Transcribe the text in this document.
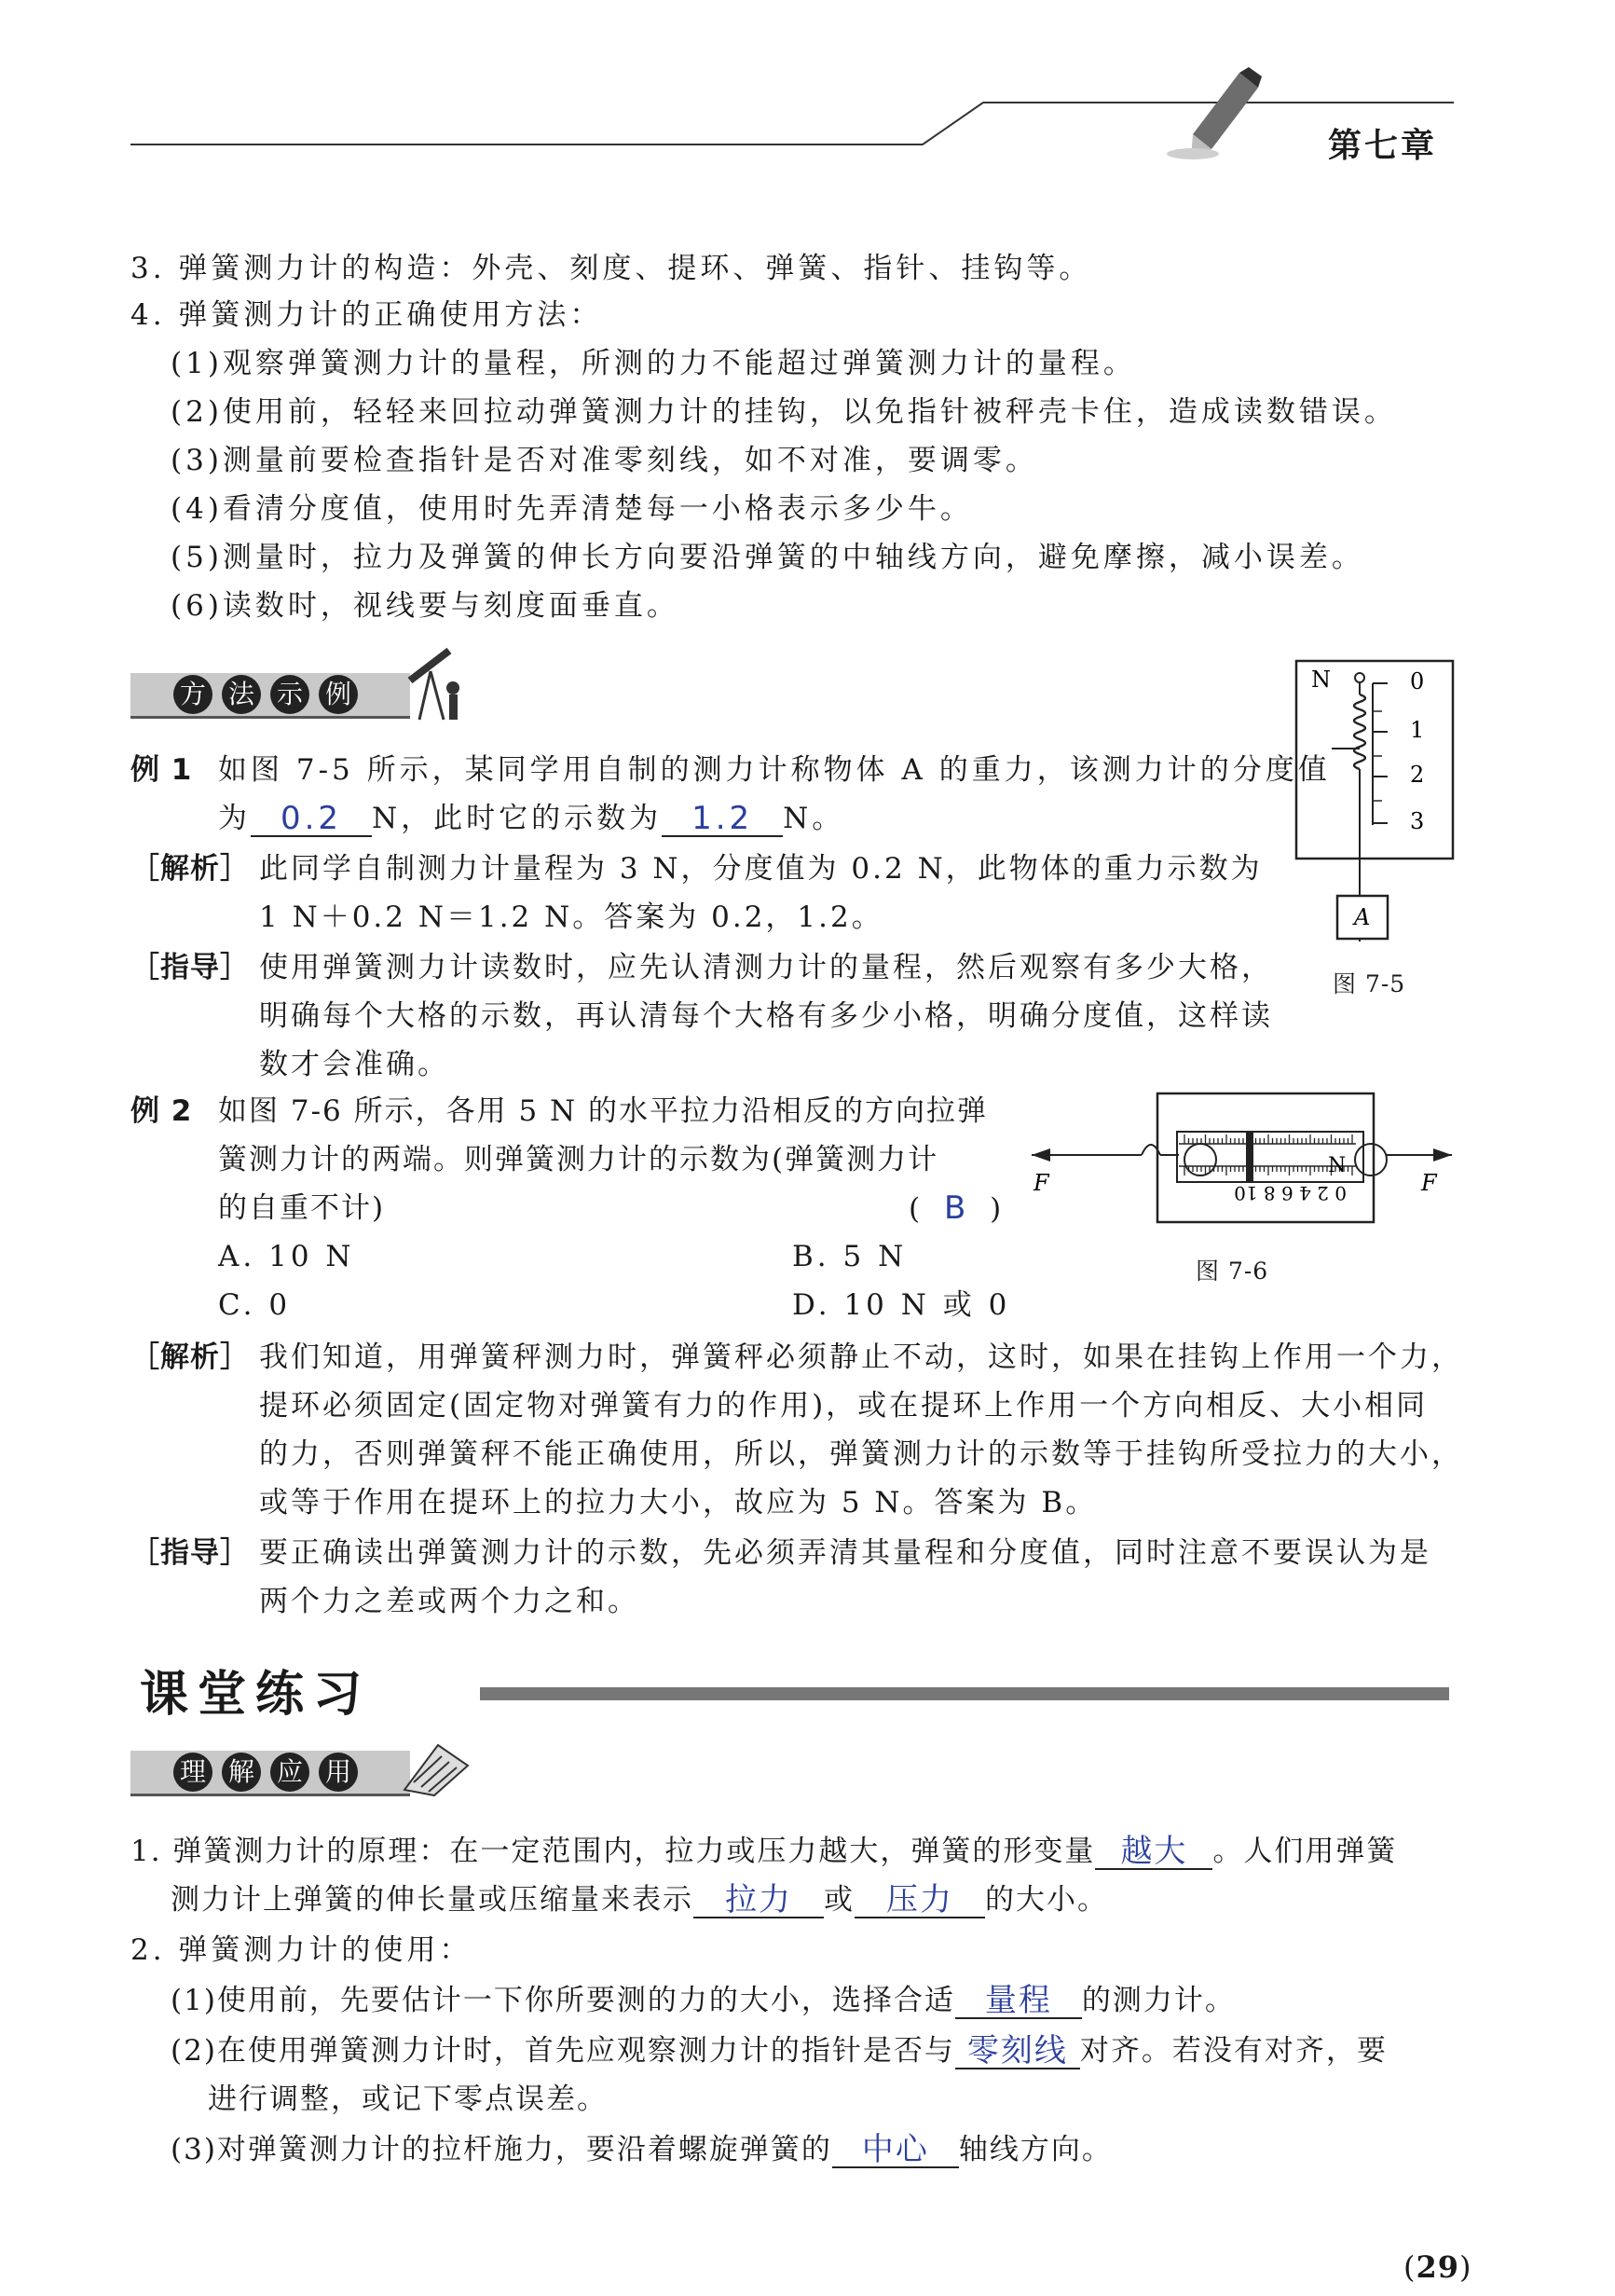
第七章
3. 弹簧测力计的构造：外壳、刻度、提环、弹簧、指针、挂钩等。
4. 弹簧测力计的正确使用方法：
(1)观察弹簧测力计的量程，所测的力不能超过弹簧测力计的量程。
(2)使用前，轻轻来回拉动弹簧测力计的挂钩，以免指针被秤壳卡住，造成读数错误。
(3)测量前要检查指针是否对准零刻线，如不对准，要调零。
(4)看清分度值，使用时先弄清楚每一小格表示多少牛。
(5)测量时，拉力及弹簧的伸长方向要沿弹簧的中轴线方向，避免摩擦，减小误差。
(6)读数时，视线要与刻度面垂直。
方 法 示 例
例 1 如图 7-5 所示，某同学用自制的测力计称物体 A 的重力，该测力计的分度值
为 0.2 N，此时它的示数为 1.2 N。
［解析］ 此同学自制测力计量程为 3 N，分度值为 0.2 N，此物体的重力示数为
1 N＋0.2 N＝1.2 N。答案为 0.2，1.2。
［指导］ 使用弹簧测力计读数时，应先认清测力计的量程，然后观察有多少大格，
明确每个大格的示数，再认清每个大格有多少小格，明确分度值，这样读
数才会准确。
N	0
1
2
3
A
图 7-5
例 2 如图 7-6 所示，各用 5 N 的水平拉力沿相反的方向拉弹
簧测力计的两端。则弹簧测力计的示数为(弹簧测力计
的自重不计)	( B )
A. 10 N	B. 5 N
C. 0	D. 10 N 或 0
N
0 2 4 6 8 10
F	F
图 7-6
［解析］ 我们知道，用弹簧秤测力时，弹簧秤必须静止不动，这时，如果在挂钩上作用一个力，
提环必须固定(固定物对弹簧有力的作用)，或在提环上作用一个方向相反、大小相同
的力，否则弹簧秤不能正确使用，所以，弹簧测力计的示数等于挂钩所受拉力的大小，
或等于作用在提环上的拉力大小，故应为 5 N。答案为 B。
［指导］ 要正确读出弹簧测力计的示数，先必须弄清其量程和分度值，同时注意不要误认为是
两个力之差或两个力之和。
课堂练习
理 解 应 用
1. 弹簧测力计的原理：在一定范围内，拉力或压力越大，弹簧的形变量 越大 。人们用弹簧
测力计上弹簧的伸长量或压缩量来表示 拉力 或 压力 的大小。
2. 弹簧测力计的使用：
(1)使用前，先要估计一下你所要测的力的大小，选择合适 量程 的测力计。
(2)在使用弹簧测力计时，首先应观察测力计的指针是否与 零刻线 对齐。若没有对齐，要
进行调整，或记下零点误差。
(3)对弹簧测力计的拉杆施力，要沿着螺旋弹簧的 中心 轴线方向。
(29)
